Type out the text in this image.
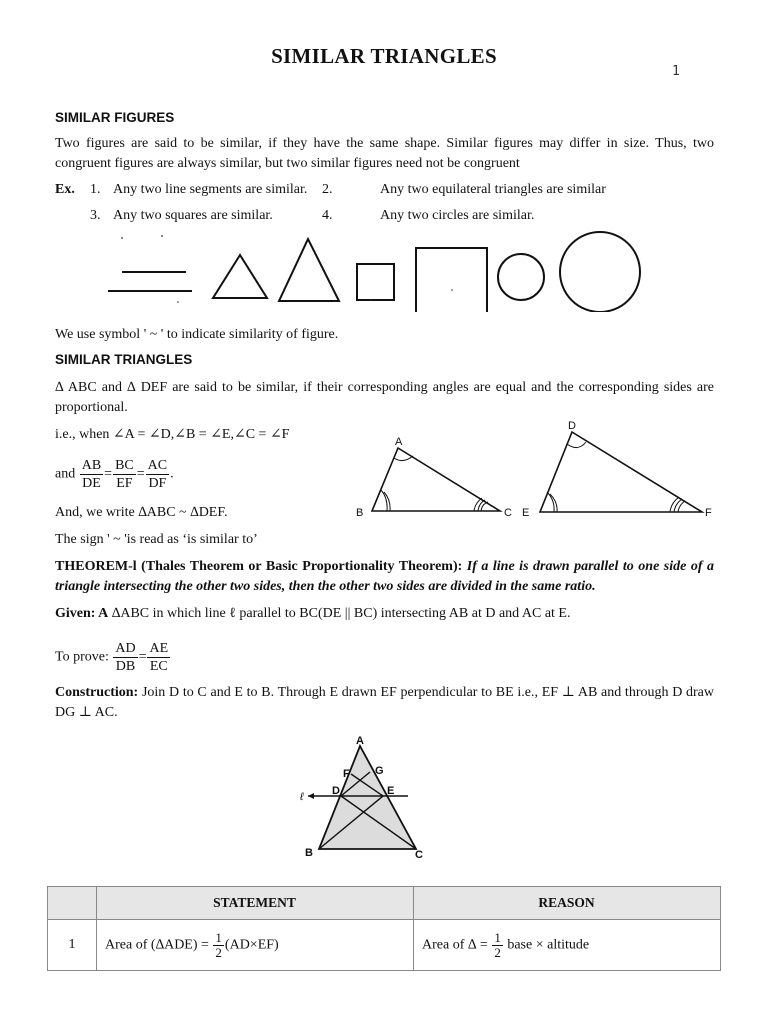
SIMILAR TRIANGLES
1
SIMILAR FIGURES
Two figures are said to be similar, if they have the same shape. Similar figures may differ in size. Thus, two congruent figures are always similar, but two similar figures need not be congruent
Ex. 1. Any two line segments are similar. 2.	Any two equilateral triangles are similar
3. Any two squares are similar.	4.	Any two circles are similar.
We use symbol ' ~ ' to indicate similarity of figure.
SIMILAR TRIANGLES
∆ ABC and ∆ DEF are said to be similar, if their corresponding angles are equal and the corresponding sides are proportional.
i.e., when ∠A = ∠D,∠B = ∠E,∠C = ∠F
and $\frac{AB}{DE} = \frac{BC}{EF} = \frac{AC}{DF}$ .
And, we write ∆ABC ~ ∆DEF.
The sign ' ~ 'is read as ‘is similar to’
A
B	C
D
E	F
THEOREM-l (Thales Theorem or Basic Proportionality Theorem): If a line is drawn parallel to one side of a triangle intersecting the other two sides, then the other two sides are divided in the same ratio.
Given: A ∆ABC in which line ℓ parallel to BC(DE || BC) intersecting AB at D and AC at E.
To prove: $\frac{AD}{DB} = \frac{AE}{EC}$
Construction: Join D to C and E to B. Through E drawn EF perpendicular to BE i.e., EF ⊥ AB and through D draw DG ⊥ AC.
A
B	C
D	E
F G
ℓ
	STATEMENT	REASON
1	Area of $(\Delta ADE) = \frac{1}{2} (AD\times EF)$	Area of ∆ = $\frac{1}{2}$ base × altitude
